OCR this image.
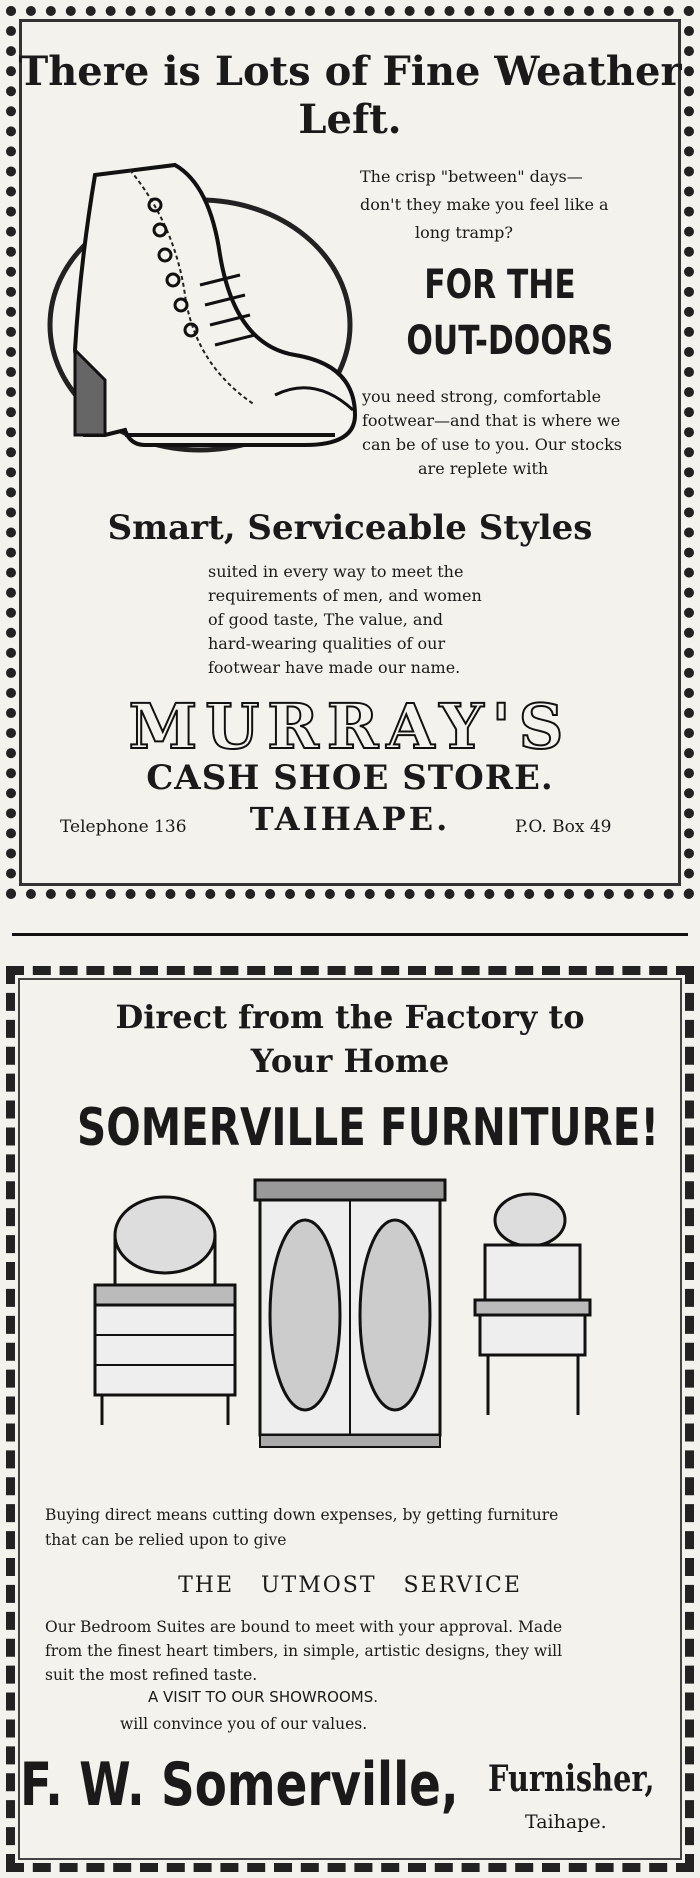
There is Lots of Fine Weather

Left.

The crisp "between" days—

don't they make you feel like a

long tramp?

FOR THE

OUT-DOORS

you need strong, comfortable

footwear—and that is where we

can be of use to you. Our stocks

are replete with

Smart, Serviceable Styles

suited in every way to meet the

requirements of men, and women

of good taste, The value, and

hard-wearing qualities of our

footwear have made our name.

MURRAY'S

CASH SHOE STORE.

TAIHAPE.

Telephone 136	P.O. Box 49

Direct from the Factory to

Your Home

SOMERVILLE FURNITURE!

Buying direct means cutting down expenses, by getting furniture

that can be relied upon to give

THE UTMOST SERVICE

Our Bedroom Suites are bound to meet with your approval. Made

from the finest heart timbers, in simple, artistic designs, they will

suit the most refined taste.

A VISIT TO OUR SHOWROOMS.

will convince you of our values.

F. W. Somerville, Furnisher,

Taihape.
